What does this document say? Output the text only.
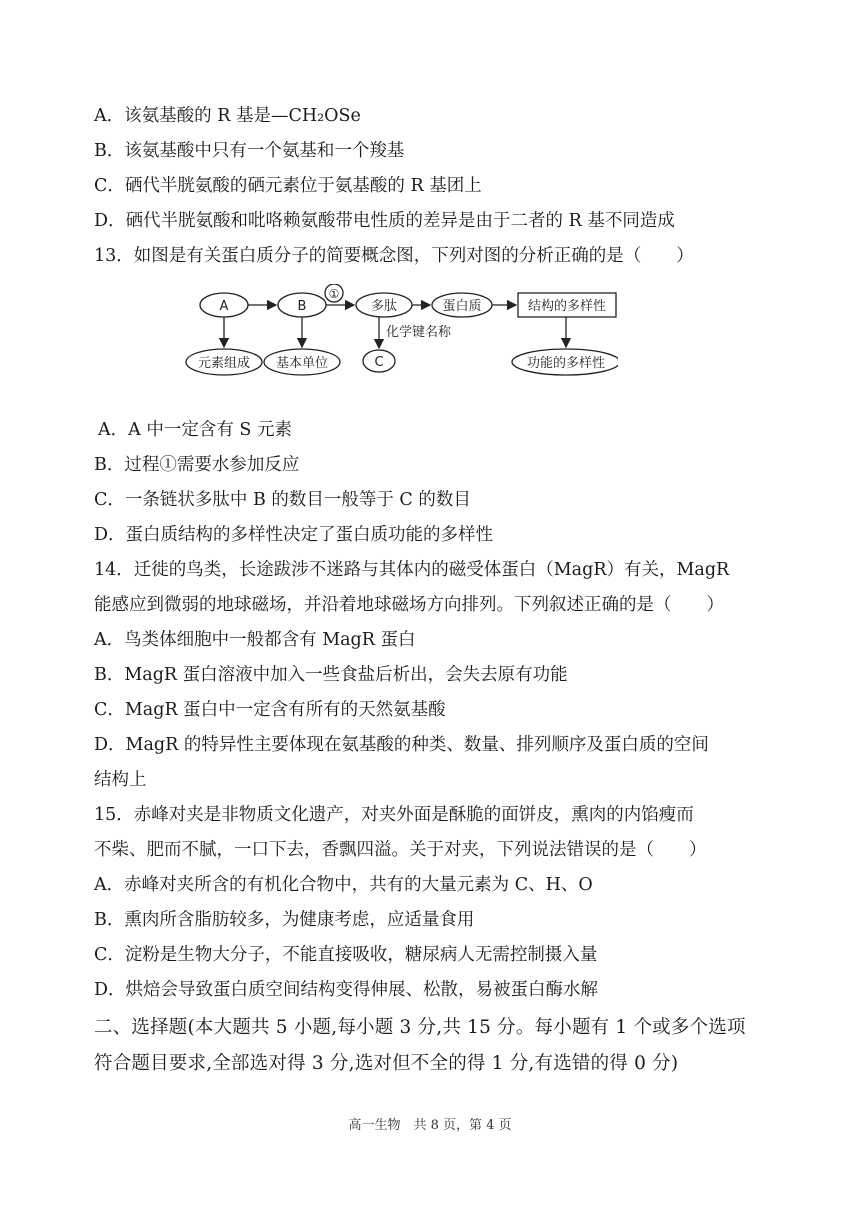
A．该氨基酸的 R 基是—CH₂OSe
B．该氨基酸中只有一个氨基和一个羧基
C．硒代半胱氨酸的硒元素位于氨基酸的 R 基团上
D．硒代半胱氨酸和吡咯赖氨酸带电性质的差异是由于二者的 R 基不同造成
13．如图是有关蛋白质分子的简要概念图，下列对图的分析正确的是（　　）
A	B
①
多肽	蛋白质	结构的多样性
化学键名称
C
元素组成 基本单位	功能的多样性
A．A 中一定含有 S 元素
B．过程①需要水参加反应
C．一条链状多肽中 B 的数目一般等于 C 的数目
D．蛋白质结构的多样性决定了蛋白质功能的多样性
14．迁徙的鸟类，长途跋涉不迷路与其体内的磁受体蛋白（MagR）有关，MagR
能感应到微弱的地球磁场，并沿着地球磁场方向排列。下列叙述正确的是（　　）
A．鸟类体细胞中一般都含有 MagR 蛋白
B．MagR 蛋白溶液中加入一些食盐后析出，会失去原有功能
C．MagR 蛋白中一定含有所有的天然氨基酸
D．MagR 的特异性主要体现在氨基酸的种类、数量、排列顺序及蛋白质的空间
结构上
15．赤峰对夹是非物质文化遗产，对夹外面是酥脆的面饼皮，熏肉的内馅瘦而
不柴、肥而不腻，一口下去，香飘四溢。关于对夹，下列说法错误的是（　　）
A．赤峰对夹所含的有机化合物中，共有的大量元素为 C、H、O
B．熏肉所含脂肪较多，为健康考虑，应适量食用
C．淀粉是生物大分子，不能直接吸收，糖尿病人无需控制摄入量
D．烘焙会导致蛋白质空间结构变得伸展、松散，易被蛋白酶水解
二、选择题(本大题共 5 小题,每小题 3 分,共 15 分。每小题有 1 个或多个选项
符合题目要求,全部选对得 3 分,选对但不全的得 1 分,有选错的得 0 分)
高一生物　共 8 页，第 4 页
